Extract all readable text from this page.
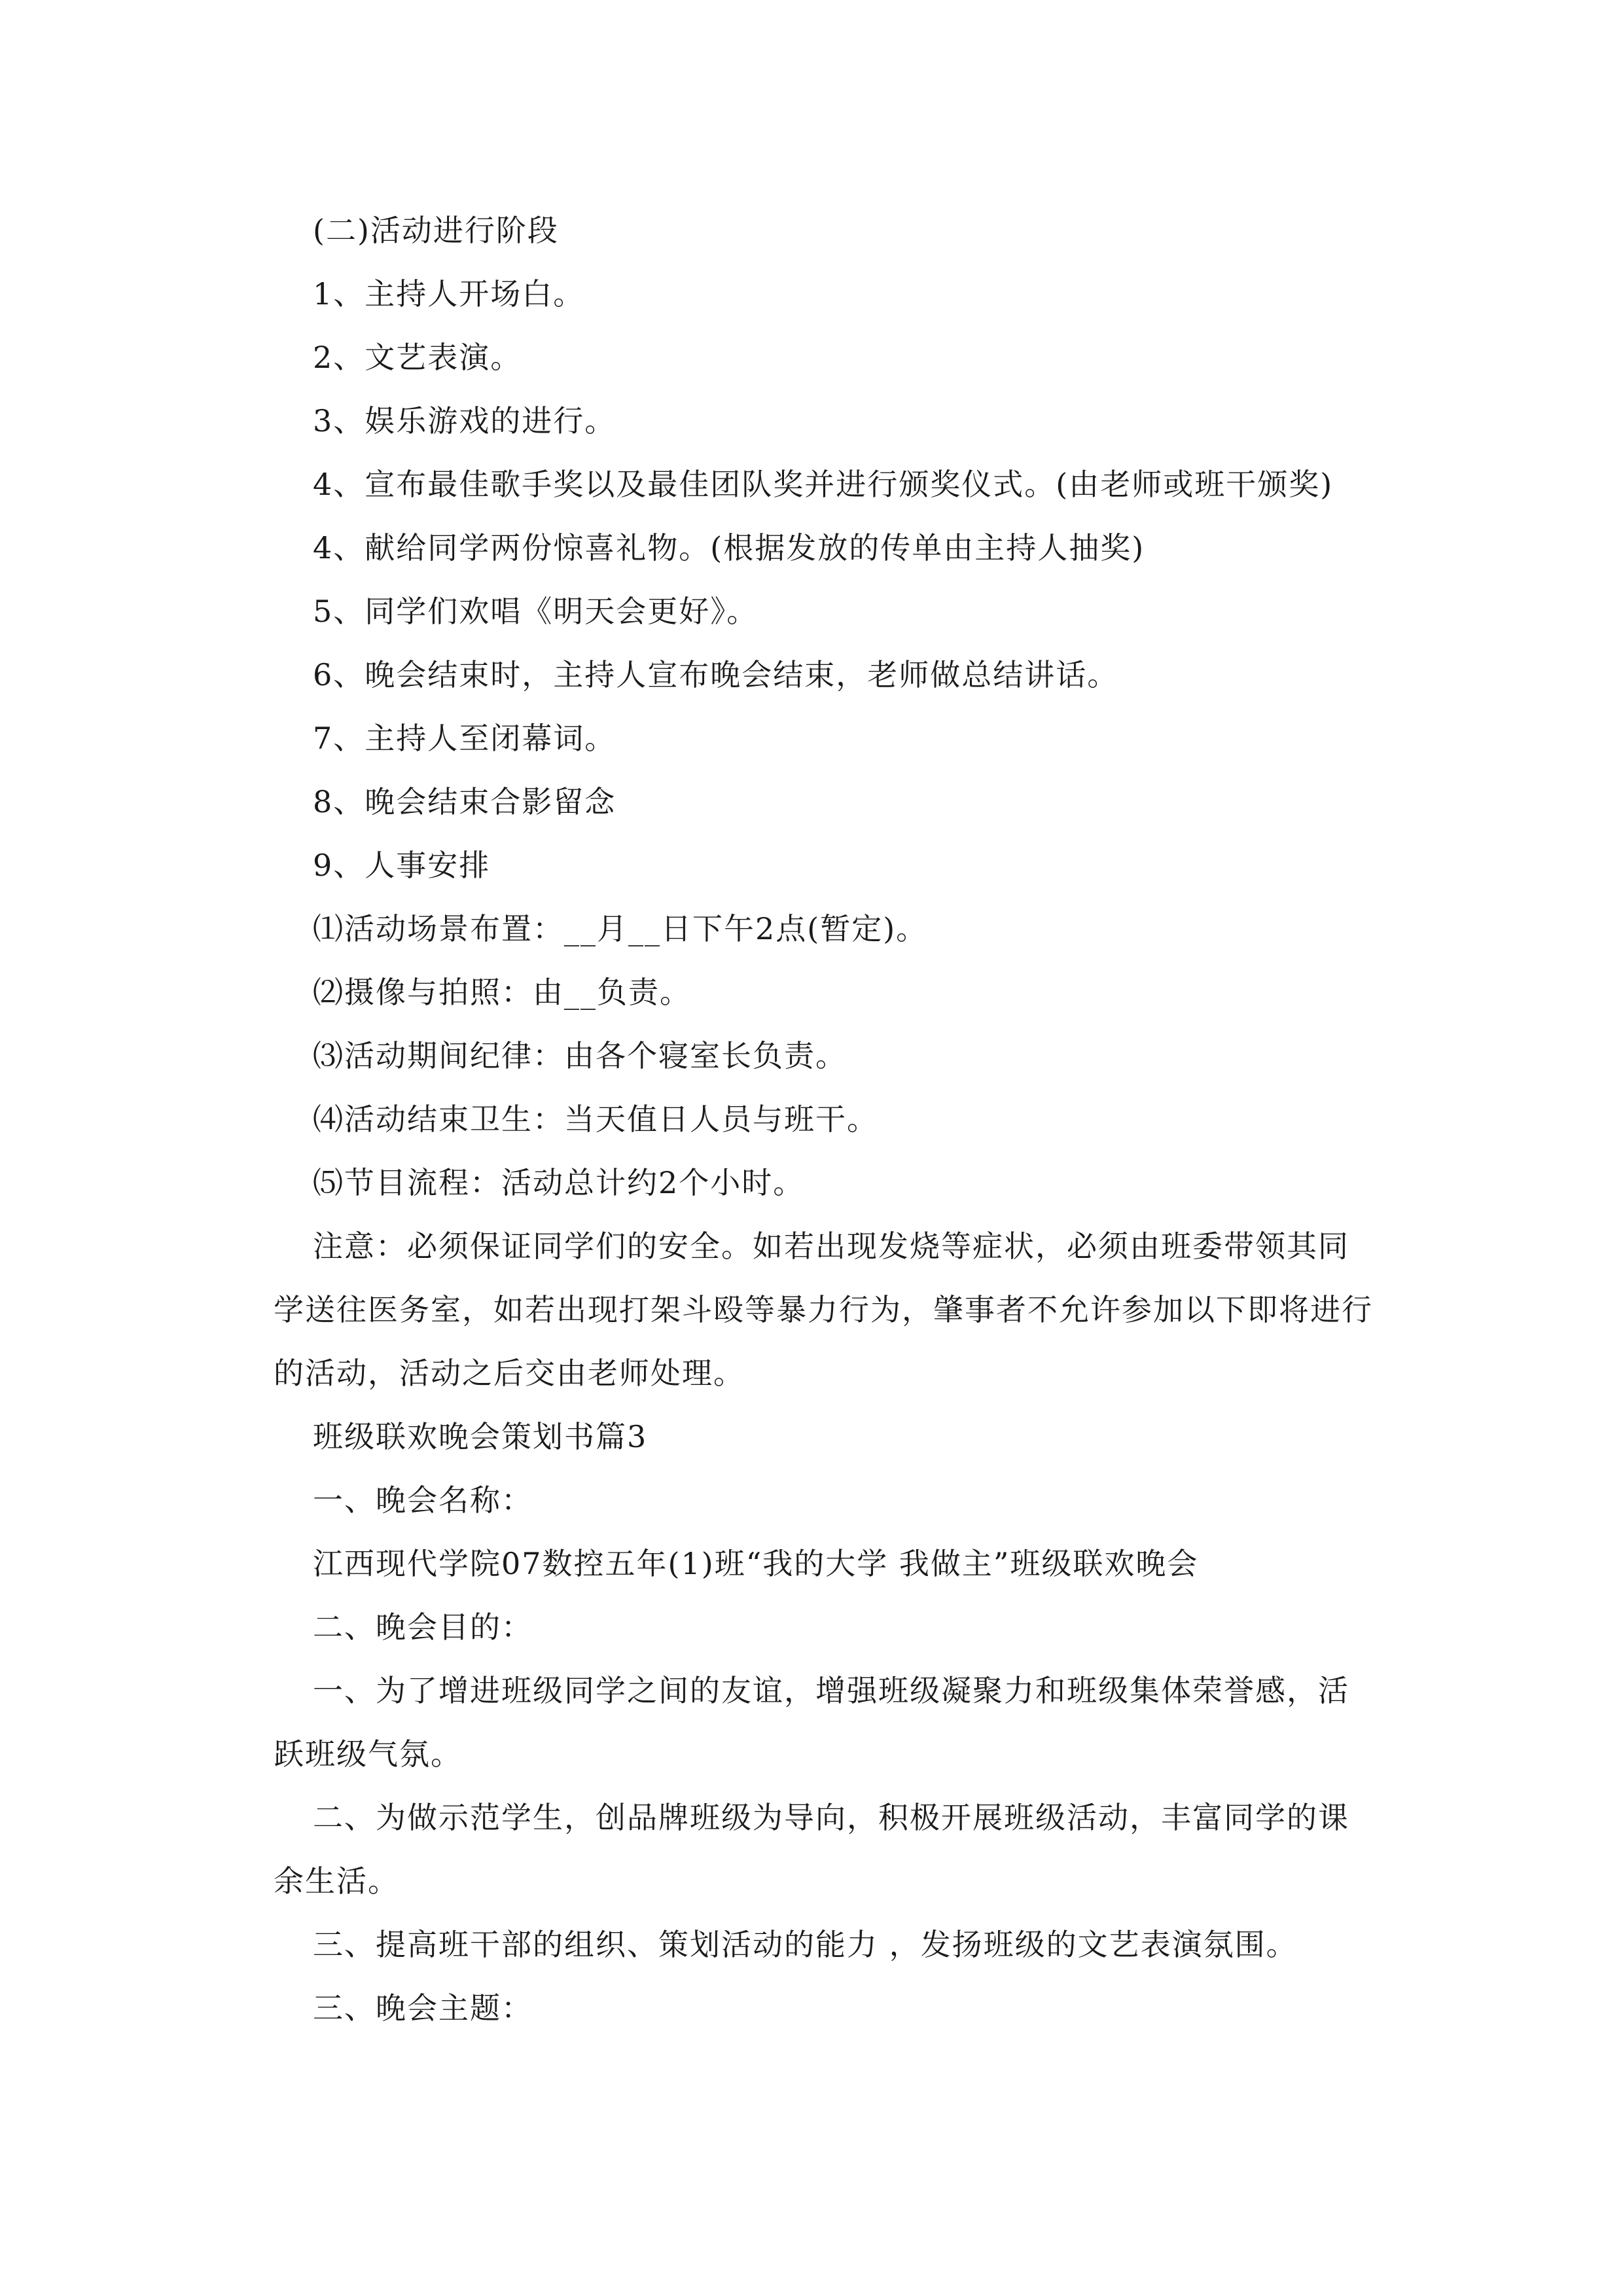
(二)活动进行阶段
1、主持人开场白。
2、文艺表演。
3、娱乐游戏的进行。
4、宣布最佳歌手奖以及最佳团队奖并进行颁奖仪式。(由老师或班干颁奖)
4、献给同学两份惊喜礼物。(根据发放的传单由主持人抽奖)
5、同学们欢唱《明天会更好》。
6、晚会结束时，主持人宣布晚会结束，老师做总结讲话。
7、主持人至闭幕词。
8、晚会结束合影留念
9、人事安排
⑴活动场景布置：__月__日下午2点(暂定)。
⑵摄像与拍照：由__负责。
⑶活动期间纪律：由各个寝室长负责。
⑷活动结束卫生：当天值日人员与班干。
⑸节目流程：活动总计约2个小时。
注意：必须保证同学们的安全。如若出现发烧等症状，必须由班委带领其同
学送往医务室，如若出现打架斗殴等暴力行为，肇事者不允许参加以下即将进行
的活动，活动之后交由老师处理。
班级联欢晚会策划书篇3
一、晚会名称：
江西现代学院07数控五年(1)班“我的大学 我做主”班级联欢晚会
二、晚会目的：
一、为了增进班级同学之间的友谊，增强班级凝聚力和班级集体荣誉感，活
跃班级气氛。
二、为做示范学生，创品牌班级为导向，积极开展班级活动，丰富同学的课
余生活。
三、提高班干部的组织、策划活动的能力 ，发扬班级的文艺表演氛围。
三、晚会主题：
